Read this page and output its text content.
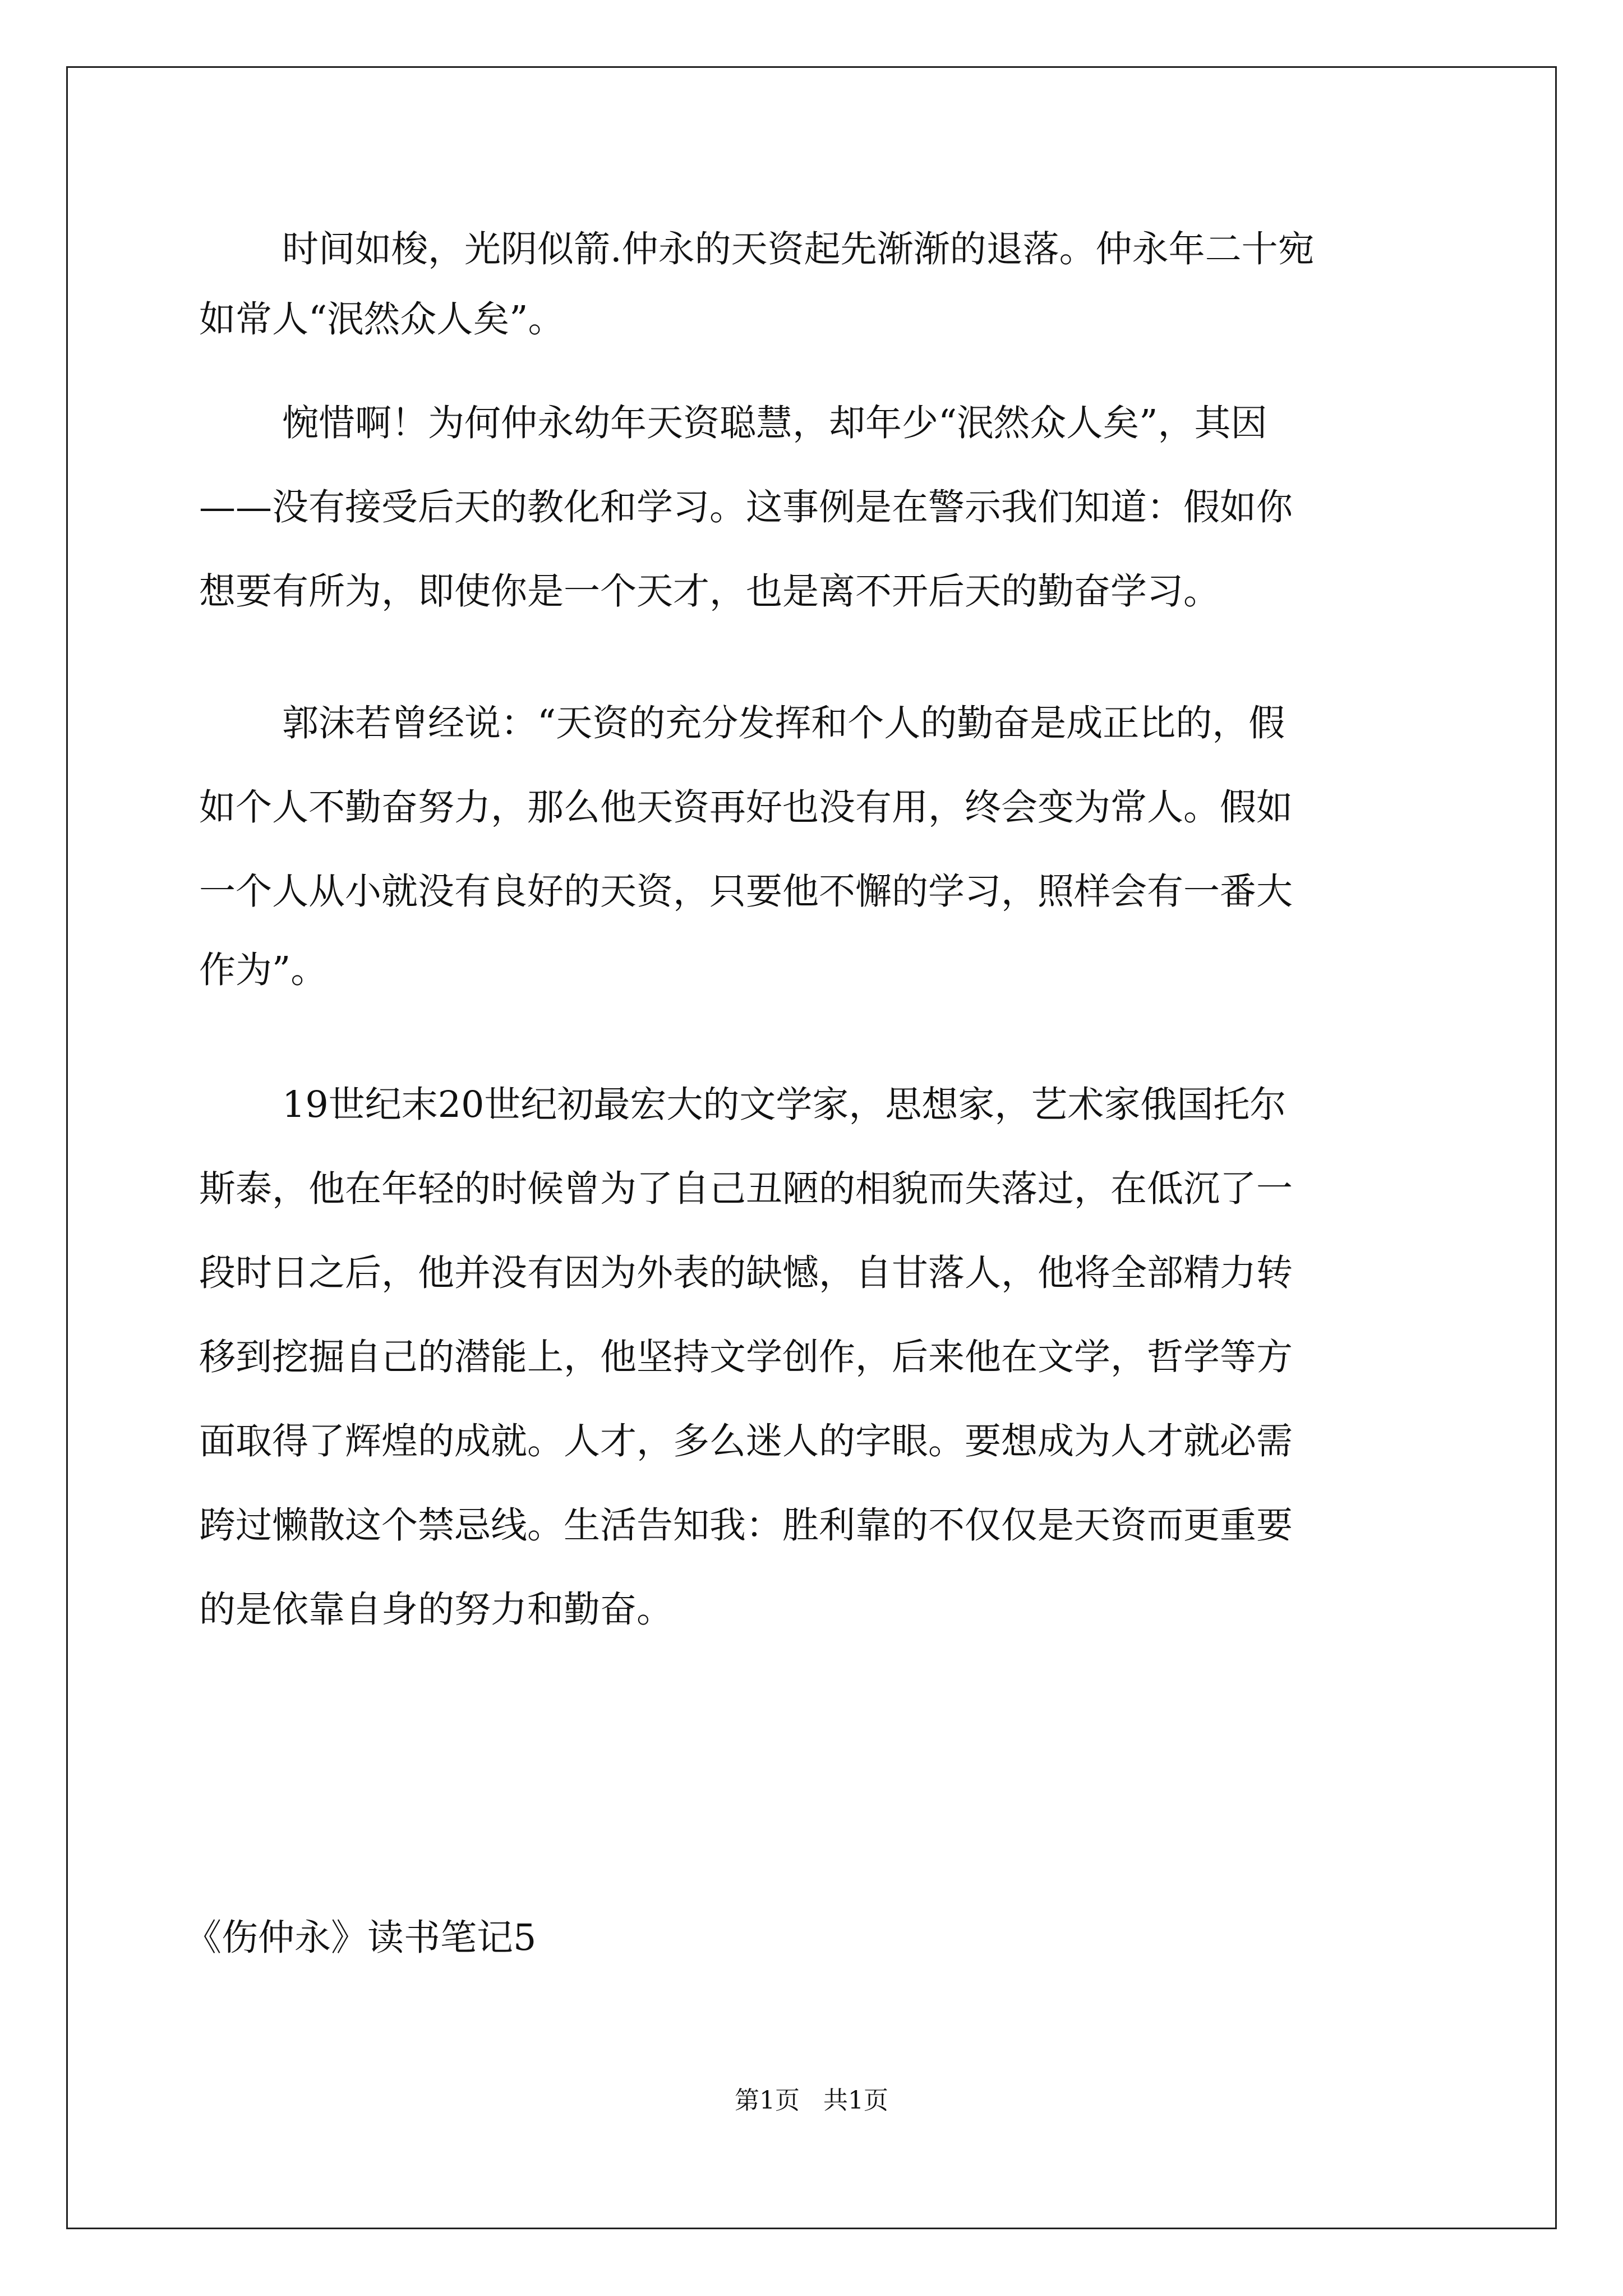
时间如梭，光阴似箭.仲永的天资起先渐渐的退落。仲永年二十宛

如常人“泯然众人矣”。

惋惜啊！为何仲永幼年天资聪慧，却年少“泯然众人矣”，其因

——没有接受后天的教化和学习。这事例是在警示我们知道：假如你

想要有所为，即使你是一个天才，也是离不开后天的勤奋学习。

郭沫若曾经说：“天资的充分发挥和个人的勤奋是成正比的，假

如个人不勤奋努力，那么他天资再好也没有用，终会变为常人。假如

一个人从小就没有良好的天资，只要他不懈的学习，照样会有一番大

作为”。

19世纪末20世纪初最宏大的文学家，思想家，艺术家俄国托尔

斯泰，他在年轻的时候曾为了自己丑陋的相貌而失落过，在低沉了一

段时日之后，他并没有因为外表的缺憾，自甘落人，他将全部精力转

移到挖掘自己的潜能上，他坚持文学创作，后来他在文学，哲学等方

面取得了辉煌的成就。人才，多么迷人的字眼。要想成为人才就必需

跨过懒散这个禁忌线。生活告知我：胜利靠的不仅仅是天资而更重要

的是依靠自身的努力和勤奋。

《伤仲永》读书笔记5

第1页   共1页
